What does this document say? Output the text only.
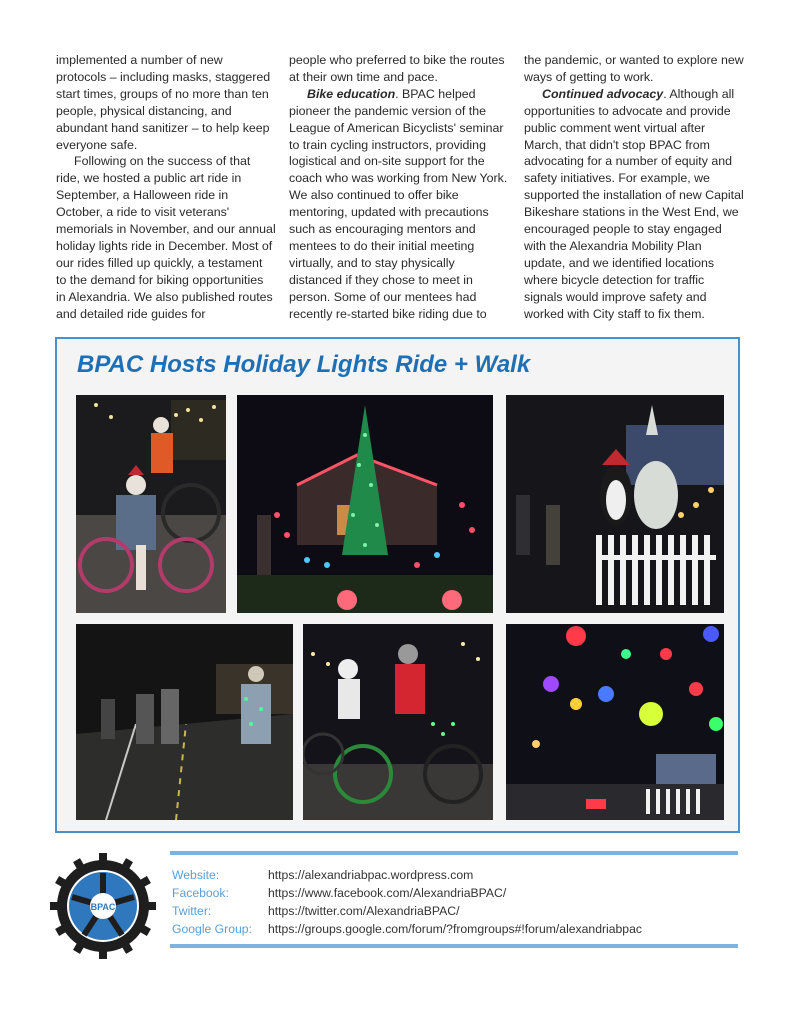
implemented a number of new protocols – including masks, staggered start times, groups of no more than ten people, physical distancing, and abundant hand sanitizer – to help keep everyone safe.

Following on the success of that ride, we hosted a public art ride in September, a Halloween ride in October, a ride to visit veterans' memorials in November, and our annual holiday lights ride in December. Most of our rides filled up quickly, a testament to the demand for biking opportunities in Alexandria. We also published routes and detailed ride guides for

people who preferred to bike the routes at their own time and pace.

Bike education. BPAC helped pioneer the pandemic version of the League of American Bicyclists' seminar to train cycling instructors, providing logistical and on-site support for the coach who was working from New York. We also continued to offer bike mentoring, updated with precautions such as encouraging mentors and mentees to do their initial meeting virtually, and to stay physically distanced if they chose to meet in person. Some of our mentees had recently re-started bike riding due to

the pandemic, or wanted to explore new ways of getting to work.

Continued advocacy. Although all opportunities to advocate and provide public comment went virtual after March, that didn't stop BPAC from advocating for a number of equity and safety initiatives. For example, we supported the installation of new Capital Bikeshare stations in the West End, we encouraged people to stay engaged with the Alexandria Mobility Plan update, and we identified locations where bicycle detection for traffic signals would improve safety and worked with City staff to fix them.

BPAC Hosts Holiday Lights Ride + Walk
BPAC
Website:	https://alexandriabpac.wordpress.com
Facebook:	https://www.facebook.com/AlexandriaBPAC/
Twitter:	https://twitter.com/AlexandriaBPAC/
Google Group:	https://groups.google.com/forum/?fromgroups#!forum/alexandriabpac
